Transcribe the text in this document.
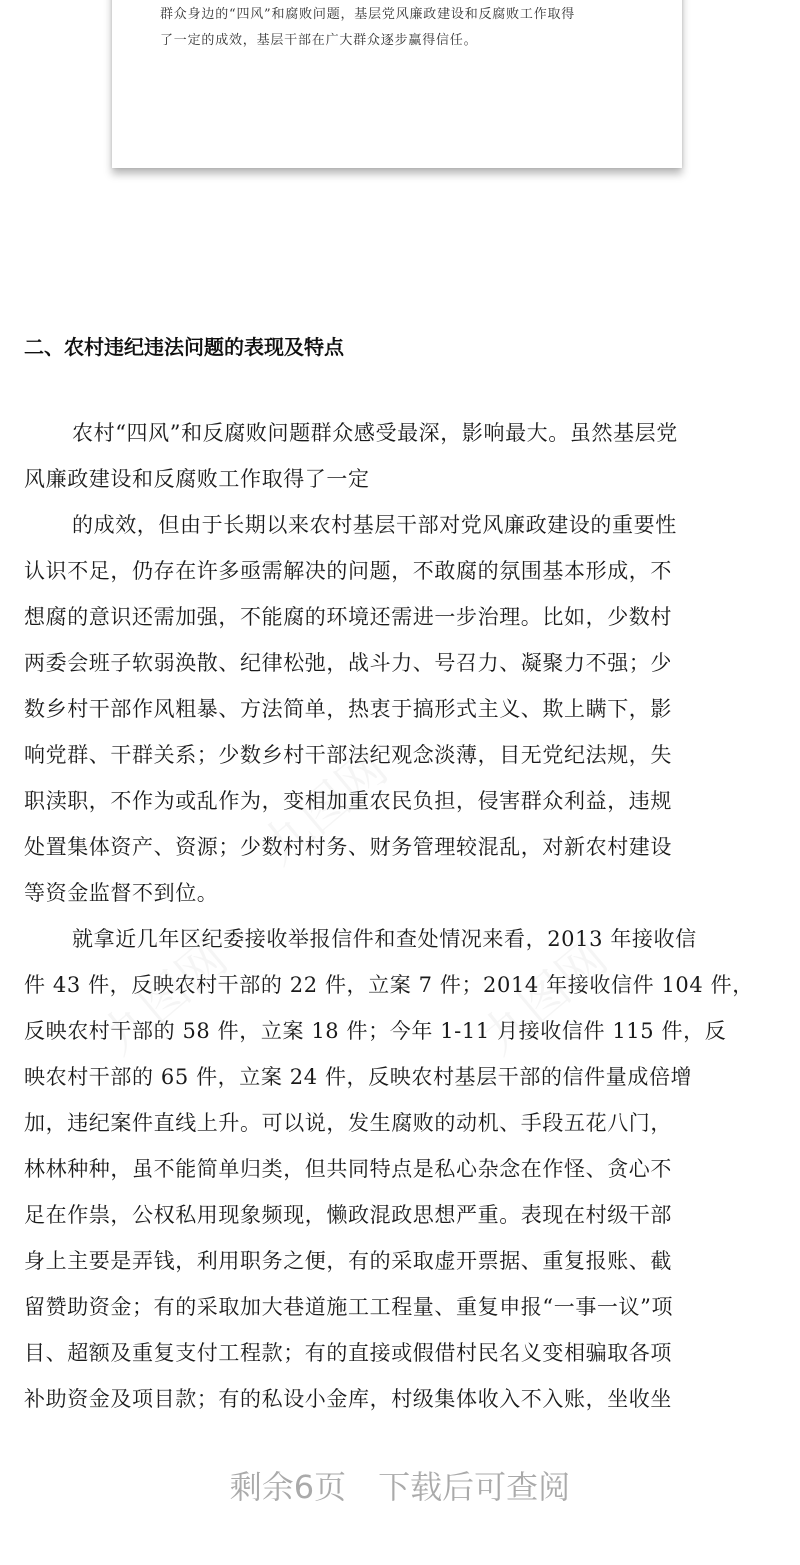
群众身边的“四风”和腐败问题，基层党风廉政建设和反腐败工作取得
了一定的成效，基层干部在广大群众逐步赢得信任。
二、农村违纪违法问题的表现及特点
九图网
九图网	九图网
农村“四风”和反腐败问题群众感受最深，影响最大。虽然基层党
风廉政建设和反腐败工作取得了一定
的成效，但由于长期以来农村基层干部对党风廉政建设的重要性
认识不足，仍存在许多亟需解决的问题，不敢腐的氛围基本形成，不
想腐的意识还需加强，不能腐的环境还需进一步治理。比如，少数村
两委会班子软弱涣散、纪律松弛，战斗力、号召力、凝聚力不强；少
数乡村干部作风粗暴、方法简单，热衷于搞形式主义、欺上瞒下，影
响党群、干群关系；少数乡村干部法纪观念淡薄，目无党纪法规，失
职渎职，不作为或乱作为，变相加重农民负担，侵害群众利益，违规
处置集体资产、资源；少数村村务、财务管理较混乱，对新农村建设
等资金监督不到位。
就拿近几年区纪委接收举报信件和查处情况来看，2013 年接收信
件 43 件，反映农村干部的 22 件，立案 7 件；2014 年接收信件 104 件，
反映农村干部的 58 件，立案 18 件；今年 1-11 月接收信件 115 件，反
映农村干部的 65 件，立案 24 件，反映农村基层干部的信件量成倍增
加，违纪案件直线上升。可以说，发生腐败的动机、手段五花八门，
林林种种，虽不能简单归类，但共同特点是私心杂念在作怪、贪心不
足在作祟，公权私用现象频现，懒政混政思想严重。表现在村级干部
身上主要是弄钱，利用职务之便，有的采取虚开票据、重复报账、截
留赞助资金；有的采取加大巷道施工工程量、重复申报“一事一议”项
目、超额及重复支付工程款；有的直接或假借村民名义变相骗取各项
补助资金及项目款；有的私设小金库，村级集体收入不入账，坐收坐
剩余6页 下载后可查阅
